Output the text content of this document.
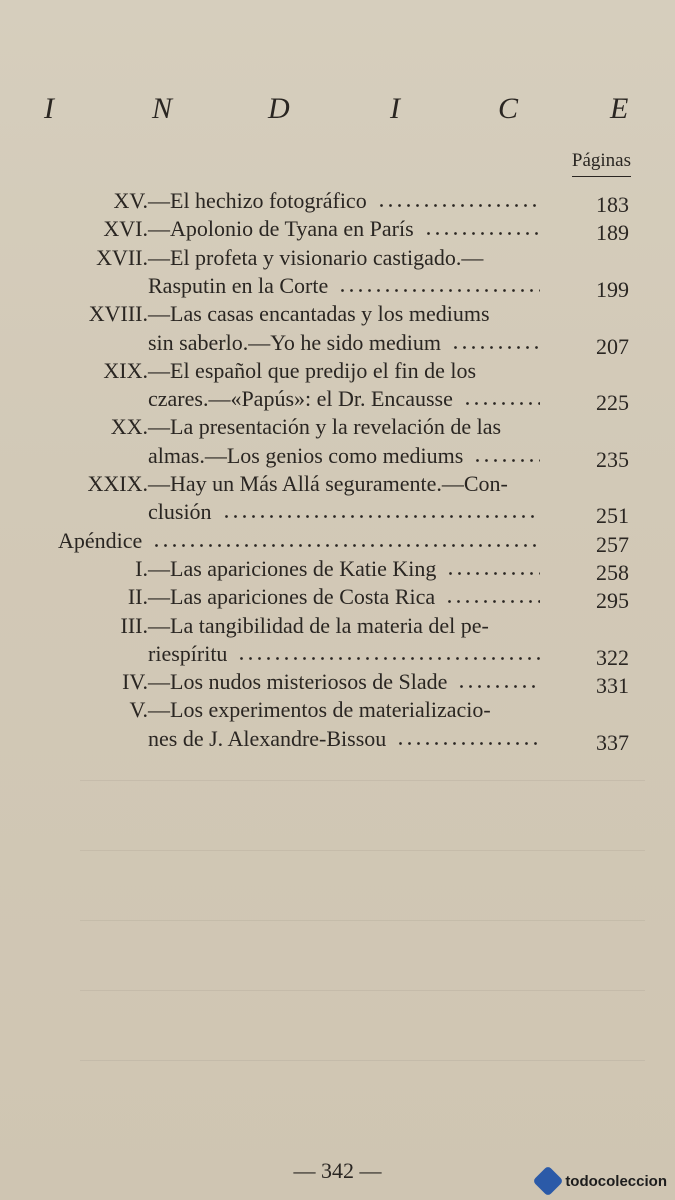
I	N	D	I	C	E
Páginas
XV. —El hechizo fotográfico	183
XVI. —Apolonio de Tyana en París	189
XVII. —El profeta y visionario castigado.—
Rasputin en la Corte	199
XVIII. —Las casas encantadas y los mediums
sin saberlo.—Yo he sido medium	207
XIX. —El español que predijo el fin de los
czares.—«Papús»: el Dr. Encausse	225
XX. —La presentación y la revelación de las
almas.—Los genios como mediums	235
XXIX. —Hay un Más Allá seguramente.—Con-
clusión	251
Apéndice	257
I. —Las apariciones de Katie King	258
II. —Las apariciones de Costa Rica	295
III. —La tangibilidad de la materia del pe-
riespíritu	322
IV. —Los nudos misteriosos de Slade	331
V. —Los experimentos de materializacio-
nes de J. Alexandre-Bissou	337
— 342 —	todocoleccion
